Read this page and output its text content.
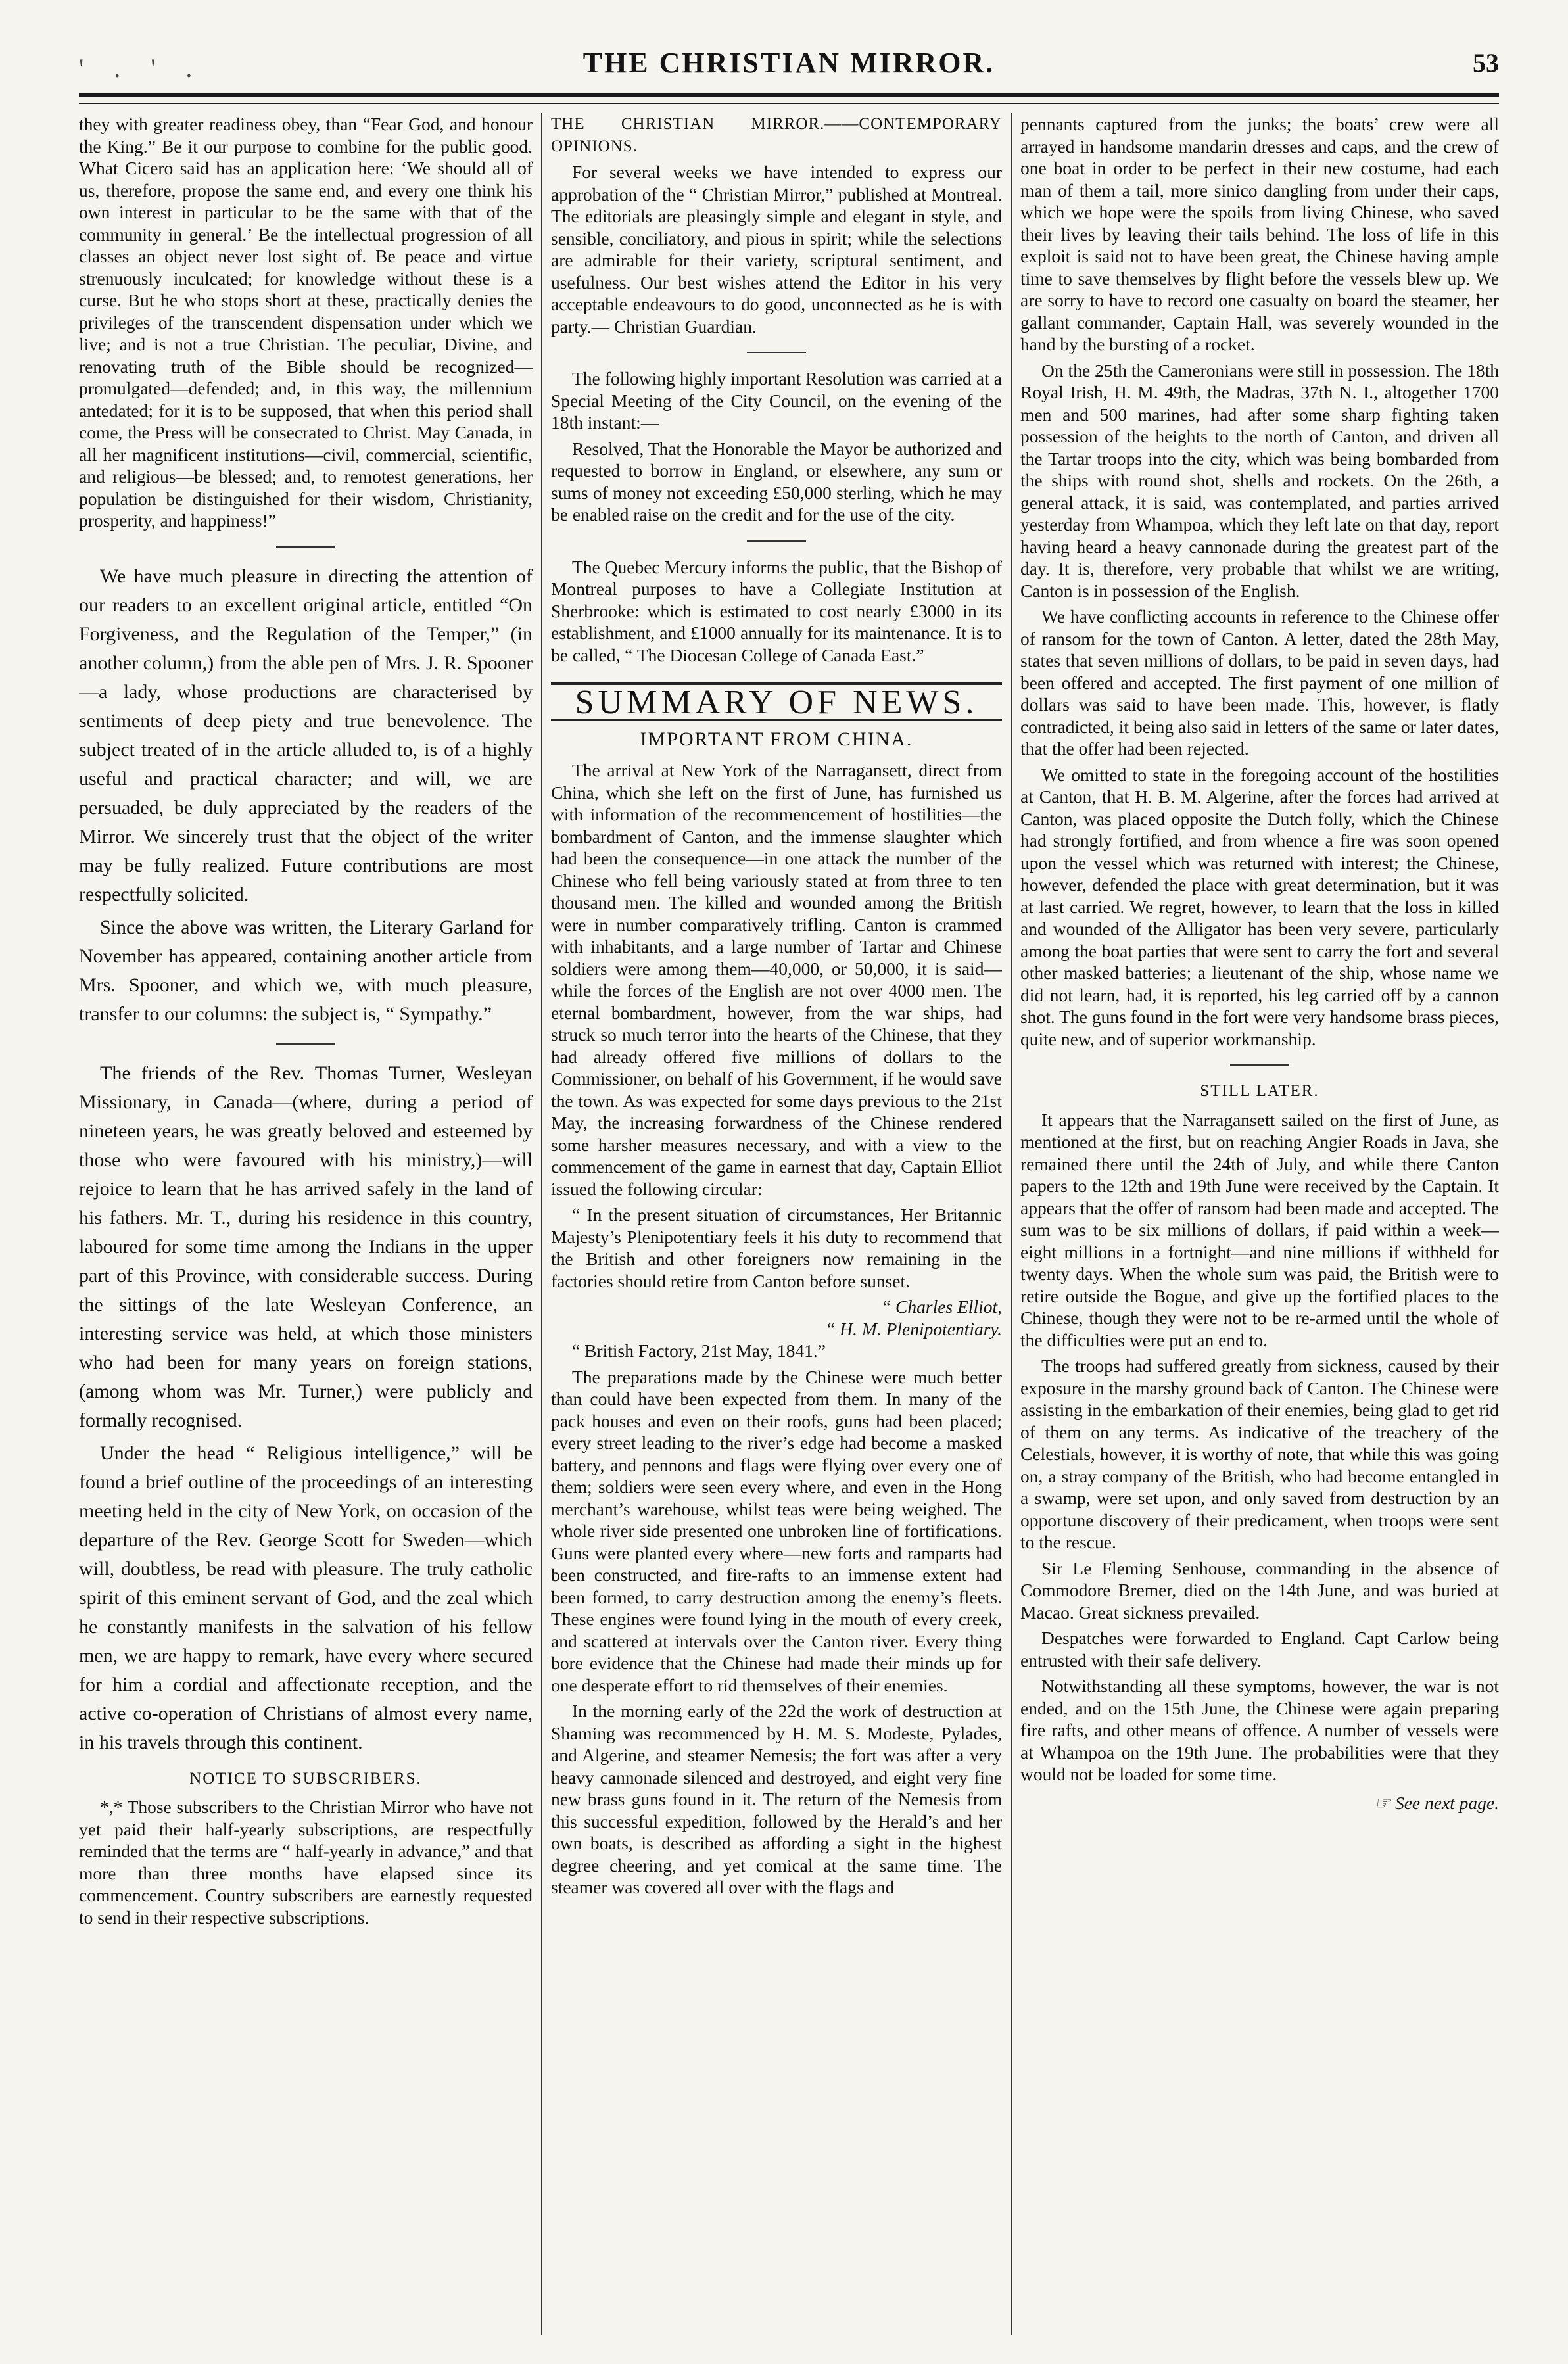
' . ' .	THE CHRISTIAN MIRROR.	53

they with greater readiness obey, than “Fear God, and honour the King.” Be it our purpose to combine for the public good. What Cicero said has an application here: ‘We should all of us, therefore, propose the same end, and every one think his own interest in particular to be the same with that of the community in general.’ Be the intellectual progression of all classes an object never lost sight of. Be peace and virtue strenuously inculcated; for knowledge without these is a curse. But he who stops short at these, practically denies the privileges of the transcendent dispensation under which we live; and is not a true Christian. The peculiar, Divine, and renovating truth of the Bible should be recognized—promulgated—defended; and, in this way, the millennium antedated; for it is to be supposed, that when this period shall come, the Press will be consecrated to Christ. May Canada, in all her magnificent institutions—civil, commercial, scientific, and religious—be blessed; and, to remotest generations, her population be distinguished for their wisdom, Christianity, prosperity, and happiness!”

We have much pleasure in directing the attention of our readers to an excellent original article, entitled “On Forgiveness, and the Regulation of the Temper,” (in another column,) from the able pen of Mrs. J. R. Spooner—a lady, whose productions are characterised by sentiments of deep piety and true benevolence. The subject treated of in the article alluded to, is of a highly useful and practical character; and will, we are persuaded, be duly appreciated by the readers of the Mirror. We sincerely trust that the object of the writer may be fully realized. Future contributions are most respectfully solicited.

Since the above was written, the Literary Garland for November has appeared, containing another article from Mrs. Spooner, and which we, with much pleasure, transfer to our columns: the subject is, “ Sympathy.”

The friends of the Rev. Thomas Turner, Wesleyan Missionary, in Canada—(where, during a period of nineteen years, he was greatly beloved and esteemed by those who were favoured with his ministry,)—will rejoice to learn that he has arrived safely in the land of his fathers. Mr. T., during his residence in this country, laboured for some time among the Indians in the upper part of this Province, with considerable success. During the sittings of the late Wesleyan Conference, an interesting service was held, at which those ministers who had been for many years on foreign stations, (among whom was Mr. Turner,) were publicly and formally recognised.

Under the head “ Religious intelligence,” will be found a brief outline of the proceedings of an interesting meeting held in the city of New York, on occasion of the departure of the Rev. George Scott for Sweden—which will, doubtless, be read with pleasure. The truly catholic spirit of this eminent servant of God, and the zeal which he constantly manifests in the salvation of his fellow men, we are happy to remark, have every where secured for him a cordial and affectionate reception, and the active co-operation of Christians of almost every name, in his travels through this continent.

NOTICE TO SUBSCRIBERS.

*,* Those subscribers to the Christian Mirror who have not yet paid their half-yearly subscriptions, are respectfully reminded that the terms are “ half-yearly in advance,” and that more than three months have elapsed since its commencement. Country subscribers are earnestly requested to send in their respective subscriptions.

THE CHRISTIAN MIRROR.——CONTEMPORARY OPINIONS.

For several weeks we have intended to express our approbation of the “ Christian Mirror,” published at Montreal. The editorials are pleasingly simple and elegant in style, and sensible, conciliatory, and pious in spirit; while the selections are admirable for their variety, scriptural sentiment, and usefulness. Our best wishes attend the Editor in his very acceptable endeavours to do good, unconnected as he is with party.— Christian Guardian.

The following highly important Resolution was carried at a Special Meeting of the City Council, on the evening of the 18th instant:—

Resolved, That the Honorable the Mayor be authorized and requested to borrow in England, or elsewhere, any sum or sums of money not exceeding £50,000 sterling, which he may be enabled raise on the credit and for the use of the city.

The Quebec Mercury informs the public, that the Bishop of Montreal purposes to have a Collegiate Institution at Sherbrooke: which is estimated to cost nearly £3000 in its establishment, and £1000 annually for its maintenance. It is to be called, “ The Diocesan College of Canada East.”

SUMMARY OF NEWS.
IMPORTANT FROM CHINA.

The arrival at New York of the Narragansett, direct from China, which she left on the first of June, has furnished us with information of the recommencement of hostilities—the bombardment of Canton, and the immense slaughter which had been the consequence—in one attack the number of the Chinese who fell being variously stated at from three to ten thousand men. The killed and wounded among the British were in number comparatively trifling. Canton is crammed with inhabitants, and a large number of Tartar and Chinese soldiers were among them—40,000, or 50,000, it is said—while the forces of the English are not over 4000 men. The eternal bombardment, however, from the war ships, had struck so much terror into the hearts of the Chinese, that they had already offered five millions of dollars to the Commissioner, on behalf of his Government, if he would save the town. As was expected for some days previous to the 21st May, the increasing forwardness of the Chinese rendered some harsher measures necessary, and with a view to the commencement of the game in earnest that day, Captain Elliot issued the following circular:

“ In the present situation of circumstances, Her Britannic Majesty’s Plenipotentiary feels it his duty to recommend that the British and other foreigners now remaining in the factories should retire from Canton before sunset.

“ Charles Elliot,

“ H. M. Plenipotentiary.

“ British Factory, 21st May, 1841.”

The preparations made by the Chinese were much better than could have been expected from them. In many of the pack houses and even on their roofs, guns had been placed; every street leading to the river’s edge had become a masked battery, and pennons and flags were flying over every one of them; soldiers were seen every where, and even in the Hong merchant’s warehouse, whilst teas were being weighed. The whole river side presented one unbroken line of fortifications. Guns were planted every where—new forts and ramparts had been constructed, and fire-rafts to an immense extent had been formed, to carry destruction among the enemy’s fleets. These engines were found lying in the mouth of every creek, and scattered at intervals over the Canton river. Every thing bore evidence that the Chinese had made their minds up for one desperate effort to rid themselves of their enemies.

In the morning early of the 22d the work of destruction at Shaming was recommenced by H. M. S. Modeste, Pylades, and Algerine, and steamer Nemesis; the fort was after a very heavy cannonade silenced and destroyed, and eight very fine new brass guns found in it. The return of the Nemesis from this successful expedition, followed by the Herald’s and her own boats, is described as affording a sight in the highest degree cheering, and yet comical at the same time. The steamer was covered all over with the flags and

pennants captured from the junks; the boats’ crew were all arrayed in handsome mandarin dresses and caps, and the crew of one boat in order to be perfect in their new costume, had each man of them a tail, more sinico dangling from under their caps, which we hope were the spoils from living Chinese, who saved their lives by leaving their tails behind. The loss of life in this exploit is said not to have been great, the Chinese having ample time to save themselves by flight before the vessels blew up. We are sorry to have to record one casualty on board the steamer, her gallant commander, Captain Hall, was severely wounded in the hand by the bursting of a rocket.

On the 25th the Cameronians were still in possession. The 18th Royal Irish, H. M. 49th, the Madras, 37th N. I., altogether 1700 men and 500 marines, had after some sharp fighting taken possession of the heights to the north of Canton, and driven all the Tartar troops into the city, which was being bombarded from the ships with round shot, shells and rockets. On the 26th, a general attack, it is said, was contemplated, and parties arrived yesterday from Whampoa, which they left late on that day, report having heard a heavy cannonade during the greatest part of the day. It is, therefore, very probable that whilst we are writing, Canton is in possession of the English.

We have conflicting accounts in reference to the Chinese offer of ransom for the town of Canton. A letter, dated the 28th May, states that seven millions of dollars, to be paid in seven days, had been offered and accepted. The first payment of one million of dollars was said to have been made. This, however, is flatly contradicted, it being also said in letters of the same or later dates, that the offer had been rejected.

We omitted to state in the foregoing account of the hostilities at Canton, that H. B. M. Algerine, after the forces had arrived at Canton, was placed opposite the Dutch folly, which the Chinese had strongly fortified, and from whence a fire was soon opened upon the vessel which was returned with interest; the Chinese, however, defended the place with great determination, but it was at last carried. We regret, however, to learn that the loss in killed and wounded of the Alligator has been very severe, particularly among the boat parties that were sent to carry the fort and several other masked batteries; a lieutenant of the ship, whose name we did not learn, had, it is reported, his leg carried off by a cannon shot. The guns found in the fort were very handsome brass pieces, quite new, and of superior workmanship.

STILL LATER.

It appears that the Narragansett sailed on the first of June, as mentioned at the first, but on reaching Angier Roads in Java, she remained there until the 24th of July, and while there Canton papers to the 12th and 19th June were received by the Captain. It appears that the offer of ransom had been made and accepted. The sum was to be six millions of dollars, if paid within a week—eight millions in a fortnight—and nine millions if withheld for twenty days. When the whole sum was paid, the British were to retire outside the Bogue, and give up the fortified places to the Chinese, though they were not to be re-armed until the whole of the difficulties were put an end to.

The troops had suffered greatly from sickness, caused by their exposure in the marshy ground back of Canton. The Chinese were assisting in the embarkation of their enemies, being glad to get rid of them on any terms. As indicative of the treachery of the Celestials, however, it is worthy of note, that while this was going on, a stray company of the British, who had become entangled in a swamp, were set upon, and only saved from destruction by an opportune discovery of their predicament, when troops were sent to the rescue.

Sir Le Fleming Senhouse, commanding in the absence of Commodore Bremer, died on the 14th June, and was buried at Macao. Great sickness prevailed.

Despatches were forwarded to England. Capt Carlow being entrusted with their safe delivery.

Notwithstanding all these symptoms, however, the war is not ended, and on the 15th June, the Chinese were again preparing fire rafts, and other means of offence. A number of vessels were at Whampoa on the 19th June. The probabilities were that they would not be loaded for some time.

☞ See next page.
